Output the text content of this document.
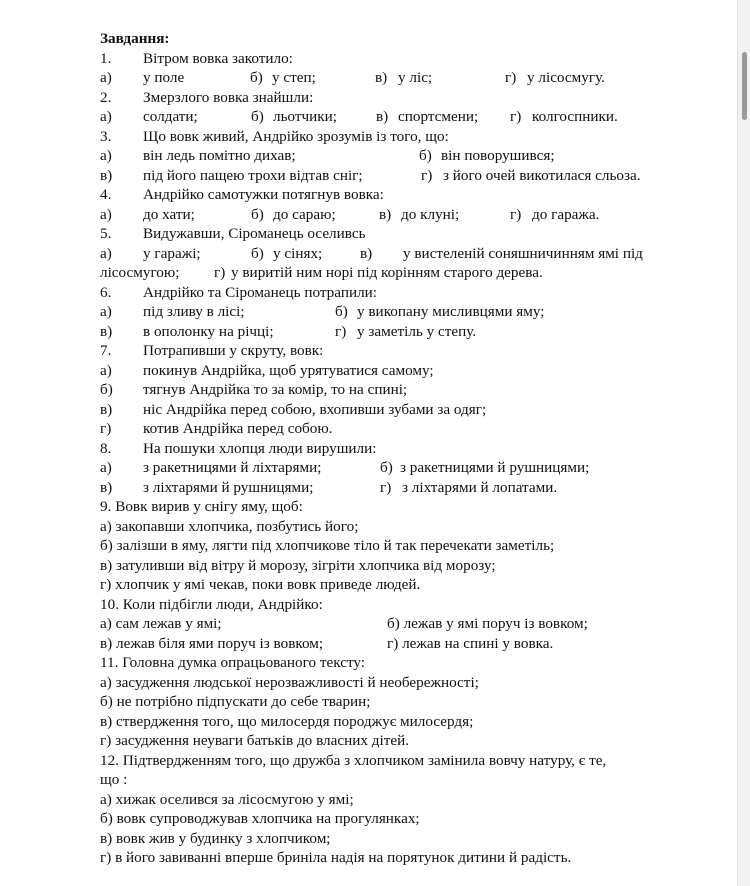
Завдання:
1. Вітром вовка закотило:
а) у поле	б) у степ;	в) у ліс;	г) у лісосмугу.
2. Змерзлого вовка знайшли:
а) солдати;	б) льотчики;	в) спортсмени; г) колгоспники.
3. Що вовк живий, Андрійко зрозумів із того, що:
а) він ледь помітно дихав;	б) він поворушився;
в) під його пащею трохи відтав сніг;	г) з його очей викотилася сльоза.
4. Андрійко самотужки потягнув вовка:
а) до хати;	б) до сараю;	в) до клуні;	г) до гаража.
5. Видужавши, Сіроманець оселивсь
а) у гаражі;	б) у сінях; в) у вистеленій соняшничинням ямі під
лісосмугою; г) у виритій ним норі під корінням старого дерева.
6. Андрійко та Сіроманець потрапили:
а) під зливу в лісі;	б) у викопану мисливцями яму;
в) в ополонку на річці;	г) у заметіль у степу.
7. Потрапивши у скруту, вовк:
а) покинув Андрійка, щоб урятуватися самому;
б) тягнув Андрійка то за комір, то на спині;
в) ніс Андрійка перед собою, вхопивши зубами за одяг;
г) котив Андрійка перед собою.
8. На пошуки хлопця люди вирушили:
а) з ракетницями й ліхтарями;	б) з ракетницями й рушницями;
в) з ліхтарями й рушницями;	г) з ліхтарями й лопатами.
9. Вовк вирив у снігу яму, щоб:
а) закопавши хлопчика, позбутись його;
б) залізши в яму, лягти під хлопчикове тіло й так перечекати заметіль;
в) затуливши від вітру й морозу, зігріти хлопчика від морозу;
г) хлопчик у ямі чекав, поки вовк приведе людей.
10. Коли підбігли люди, Андрійко:
а) сам лежав у ямі;	б) лежав у ямі поруч із вовком;
в) лежав біля ями поруч із вовком;	г) лежав на спині у вовка.
11. Головна думка опрацьованого тексту:
а) засудження людської нерозважливості й необережності;
б) не потрібно підпускати до себе тварин;
в) ствердження того, що милосердя породжує милосердя;
г) засудження неуваги батьків до власних дітей.
12. Підтвердженням того, що дружба з хлопчиком замінила вовчу натуру, є те,
що :
а) хижак оселився за лісосмугою у ямі;
б) вовк супроводжував хлопчика на прогулянках;
в) вовк жив у будинку з хлопчиком;
г) в його завиванні вперше бриніла надія на порятунок дитини й радість.
